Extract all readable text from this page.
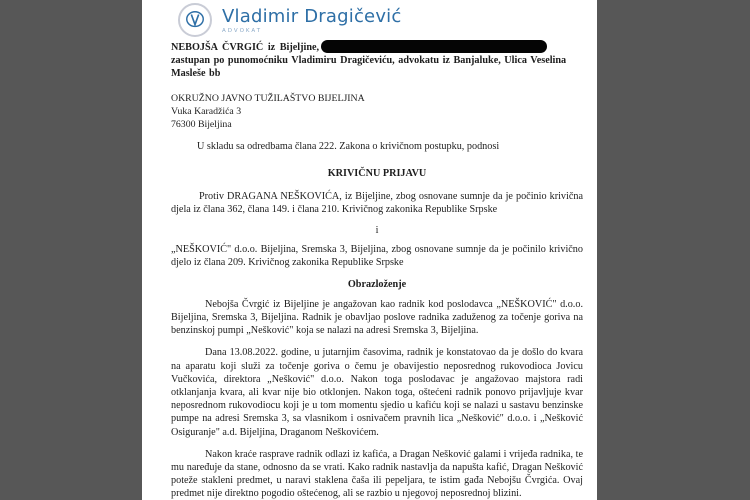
Vladimir Dragičević
ADVOKAT
NEBOJŠA ČVRGIĆ iz Bijeljine,
zastupan po punomoćniku Vladimiru Dragičeviću, advokatu iz Banjaluke, Ulica Veselina Masleše bb
OKRUŽNO JAVNO TUŽILAŠTVO BIJELJINA
Vuka Karadžića 3
76300 Bijeljina
U skladu sa odredbama člana 222. Zakona o krivičnom postupku, podnosi
KRIVIČNU PRIJAVU
Protiv DRAGANA NEŠKOVIĆA, iz Bijeljine, zbog osnovane sumnje da je počinio krivična djela iz člana 362, člana 149. i člana 210. Krivičnog zakonika Republike Srpske
i
„NEŠKOVIĆ" d.o.o. Bijeljina, Sremska 3, Bijeljina, zbog osnovane sumnje da je počinilo krivično djelo iz člana 209. Krivičnog zakonika Republike Srpske
Obrazloženje
Nebojša Čvrgić iz Bijeljine je angažovan kao radnik kod poslodavca „NEŠKOVIĆ" d.o.o. Bijeljina, Sremska 3, Bijeljina. Radnik je obavljao poslove radnika zaduženog za točenje goriva na benzinskoj pumpi „Nešković" koja se nalazi na adresi Sremska 3, Bijeljina.
Dana 13.08.2022. godine, u jutarnjim časovima, radnik je konstatovao da je došlo do kvara na aparatu koji služi za točenje goriva o čemu je obavijestio neposrednog rukovodioca Jovicu Vučkovića, direktora „Nešković" d.o.o. Nakon toga poslodavac je angažovao majstora radi otklanjanja kvara, ali kvar nije bio otklonjen. Nakon toga, oštećeni radnik ponovo prijavljuje kvar neposrednom rukovodiocu koji je u tom momentu sjedio u kafiću koji se nalazi u sastavu benzinske pumpe na adresi Sremska 3, sa vlasnikom i osnivačem pravnih lica „Nešković" d.o.o. i „Nešković Osiguranje" a.d. Bijeljina, Draganom Neškovićem.
Nakon kraće rasprave radnik odlazi iz kafića, a Dragan Nešković galami i vrijeđa radnika, te mu naređuje da stane, odnosno da se vrati. Kako radnik nastavlja da napušta kafić, Dragan Nešković poteže stakleni predmet, u naravi staklena čaša ili pepeljara, te istim gađa Nebojšu Čvrgića. Ovaj predmet nije direktno pogodio oštećenog, ali se razbio u njegovoj neposrednoj blizini.
